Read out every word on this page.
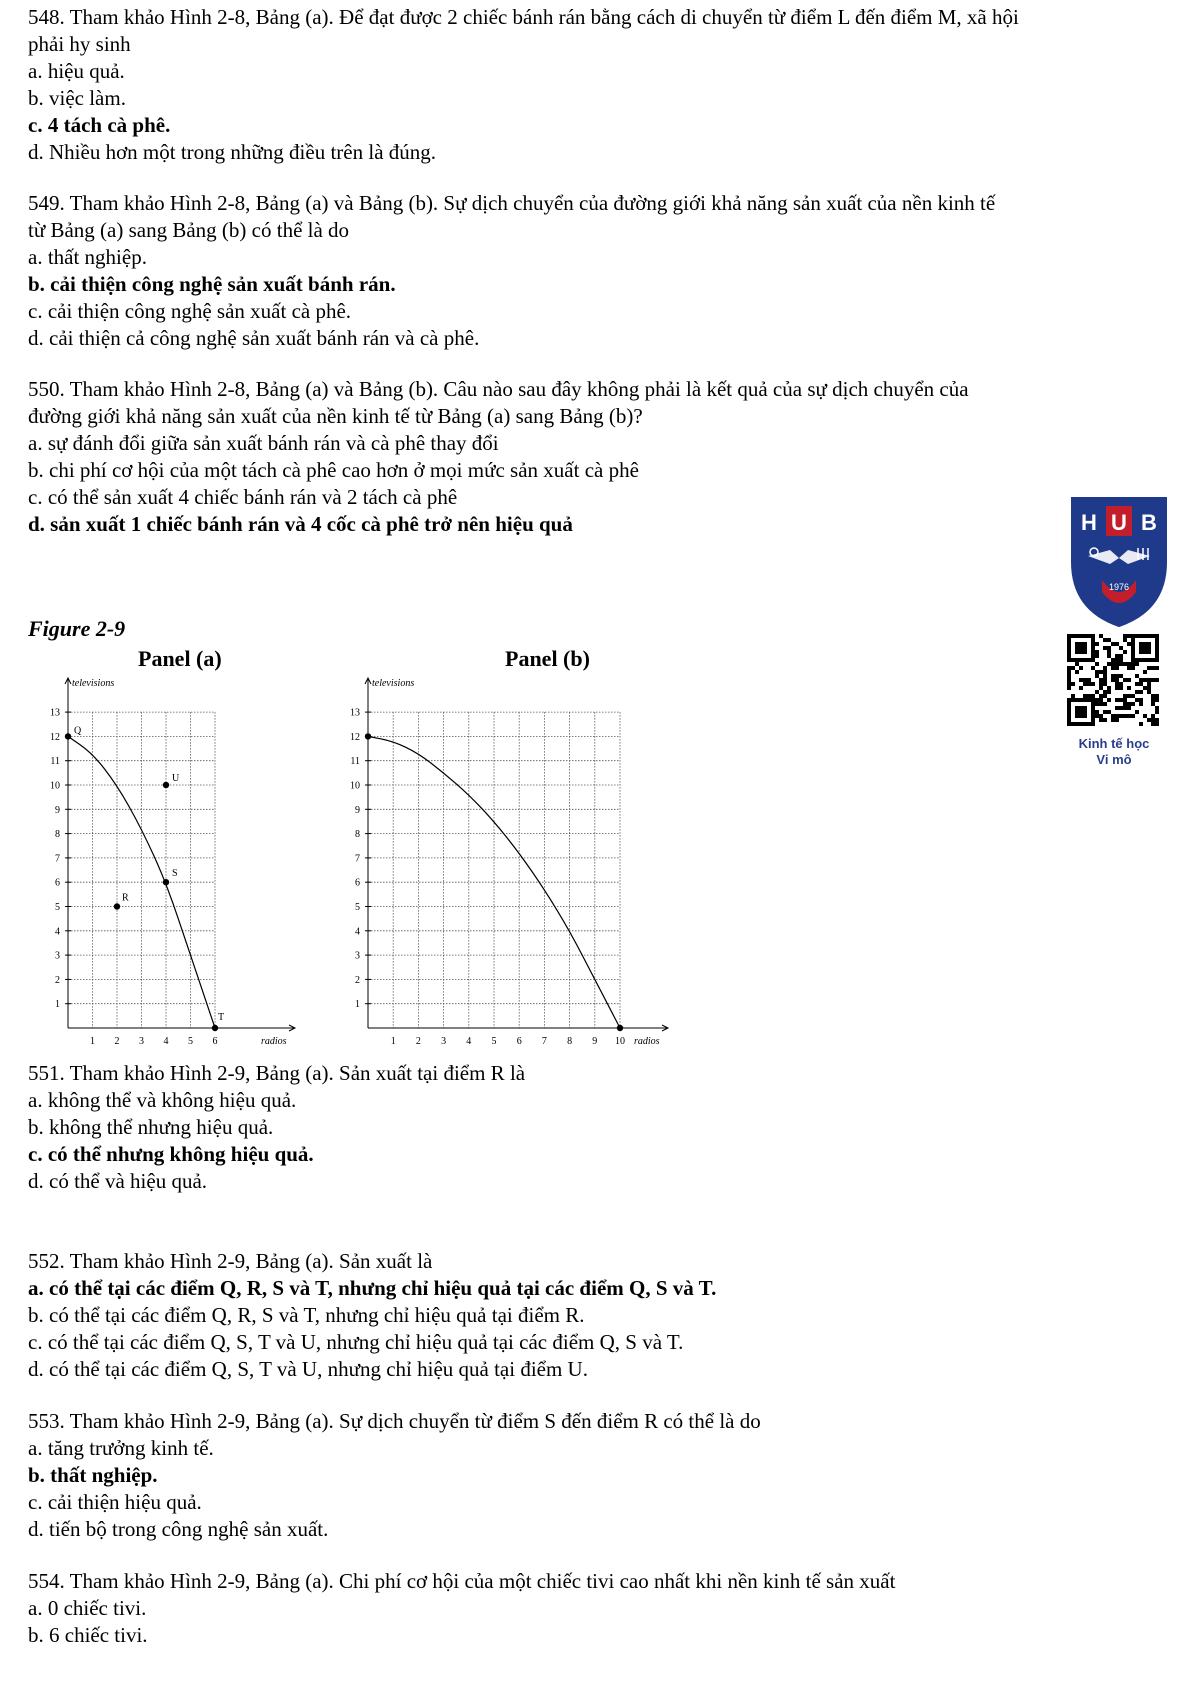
548. Tham khảo Hình 2-8, Bảng (a). Để đạt được 2 chiếc bánh rán bằng cách di chuyển từ điểm L đến điểm M, xã hội
phải hy sinh
a. hiệu quả.
b. việc làm.
c. 4 tách cà phê.
d. Nhiều hơn một trong những điều trên là đúng.
549. Tham khảo Hình 2-8, Bảng (a) và Bảng (b). Sự dịch chuyển của đường giới khả năng sản xuất của nền kinh tế
từ Bảng (a) sang Bảng (b) có thể là do
a. thất nghiệp.
b. cải thiện công nghệ sản xuất bánh rán.
c. cải thiện công nghệ sản xuất cà phê.
d. cải thiện cả công nghệ sản xuất bánh rán và cà phê.
550. Tham khảo Hình 2-8, Bảng (a) và Bảng (b). Câu nào sau đây không phải là kết quả của sự dịch chuyển của
đường giới khả năng sản xuất của nền kinh tế từ Bảng (a) sang Bảng (b)?
a. sự đánh đổi giữa sản xuất bánh rán và cà phê thay đổi
b. chi phí cơ hội của một tách cà phê cao hơn ở mọi mức sản xuất cà phê
c. có thể sản xuất 4 chiếc bánh rán và 2 tách cà phê
d. sản xuất 1 chiếc bánh rán và 4 cốc cà phê trở nên hiệu quả
Figure 2-9
Panel (a)	Panel (b)
1
2
3
4
5
6
7
8
9
10
11
12
13
1 2 3 4 5 6
televisions
radios
Q
U
S
R
T
1
2
3
4
5
6
7
8
9
10
11
12
13
1 2 3 4 5 6 7 8 9 10
televisions
radios
H U B
1976
Kinh tế học
Vi mô
551. Tham khảo Hình 2-9, Bảng (a). Sản xuất tại điểm R là
a. không thể và không hiệu quả.
b. không thể nhưng hiệu quả.
c. có thể nhưng không hiệu quả.
d. có thể và hiệu quả.
552. Tham khảo Hình 2-9, Bảng (a). Sản xuất là
a. có thể tại các điểm Q, R, S và T, nhưng chỉ hiệu quả tại các điểm Q, S và T.
b. có thể tại các điểm Q, R, S và T, nhưng chỉ hiệu quả tại điểm R.
c. có thể tại các điểm Q, S, T và U, nhưng chỉ hiệu quả tại các điểm Q, S và T.
d. có thể tại các điểm Q, S, T và U, nhưng chỉ hiệu quả tại điểm U.
553. Tham khảo Hình 2-9, Bảng (a). Sự dịch chuyển từ điểm S đến điểm R có thể là do
a. tăng trưởng kinh tế.
b. thất nghiệp.
c. cải thiện hiệu quả.
d. tiến bộ trong công nghệ sản xuất.
554. Tham khảo Hình 2-9, Bảng (a). Chi phí cơ hội của một chiếc tivi cao nhất khi nền kinh tế sản xuất
a. 0 chiếc tivi.
b. 6 chiếc tivi.
